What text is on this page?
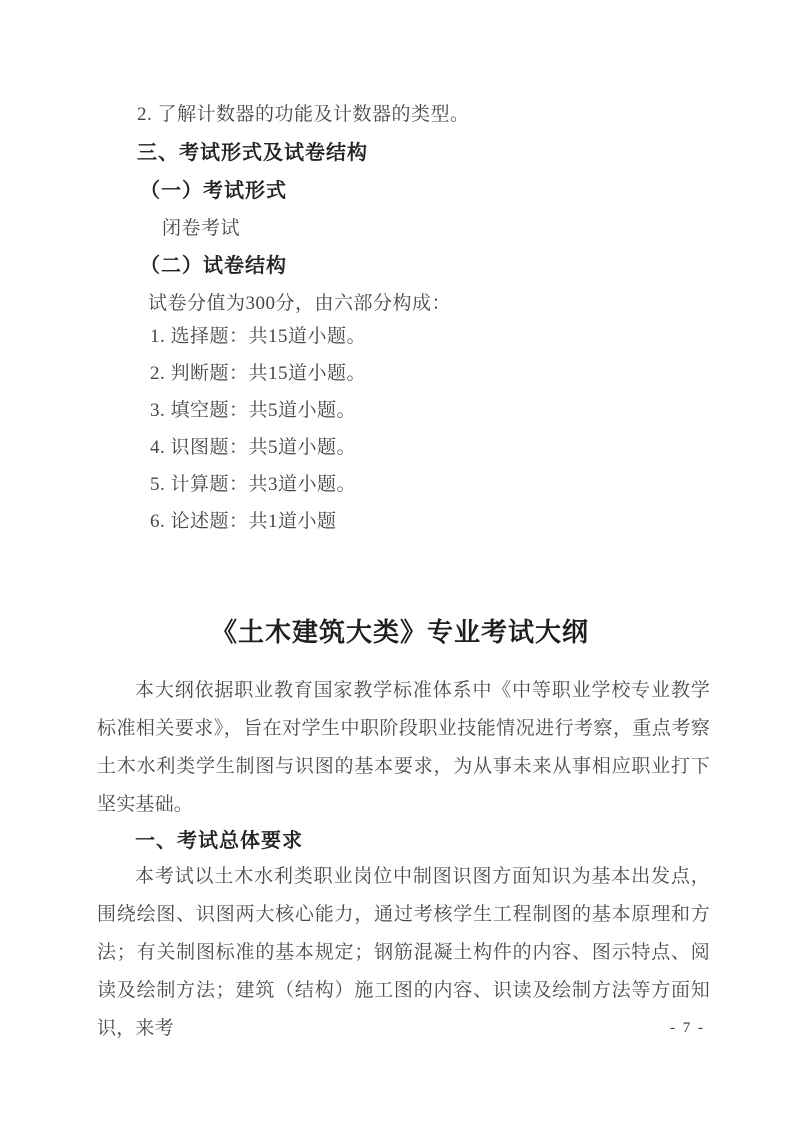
2. 了解计数器的功能及计数器的类型。
三、考试形式及试卷结构
（一）考试形式
闭卷考试
（二）试卷结构
试卷分值为300分，由六部分构成：
1. 选择题：共15道小题。
2. 判断题：共15道小题。
3. 填空题：共5道小题。
4. 识图题：共5道小题。
5. 计算题：共3道小题。
6. 论述题：共1道小题
《土木建筑大类》专业考试大纲

本大纲依据职业教育国家教学标准体系中《中等职业学校专业教学标准相关要求》，旨在对学生中职阶段职业技能情况进行考察，重点考察土木水利类学生制图与识图的基本要求，为从事未来从事相应职业打下坚实基础。

一、考试总体要求

本考试以土木水利类职业岗位中制图识图方面知识为基本出发点，围绕绘图、识图两大核心能力，通过考核学生工程制图的基本原理和方法；有关制图标准的基本规定；钢筋混凝土构件的内容、图示特点、阅读及绘制方法；建筑（结构）施工图的内容、识读及绘制方法等方面知识，来考	- 7 -
